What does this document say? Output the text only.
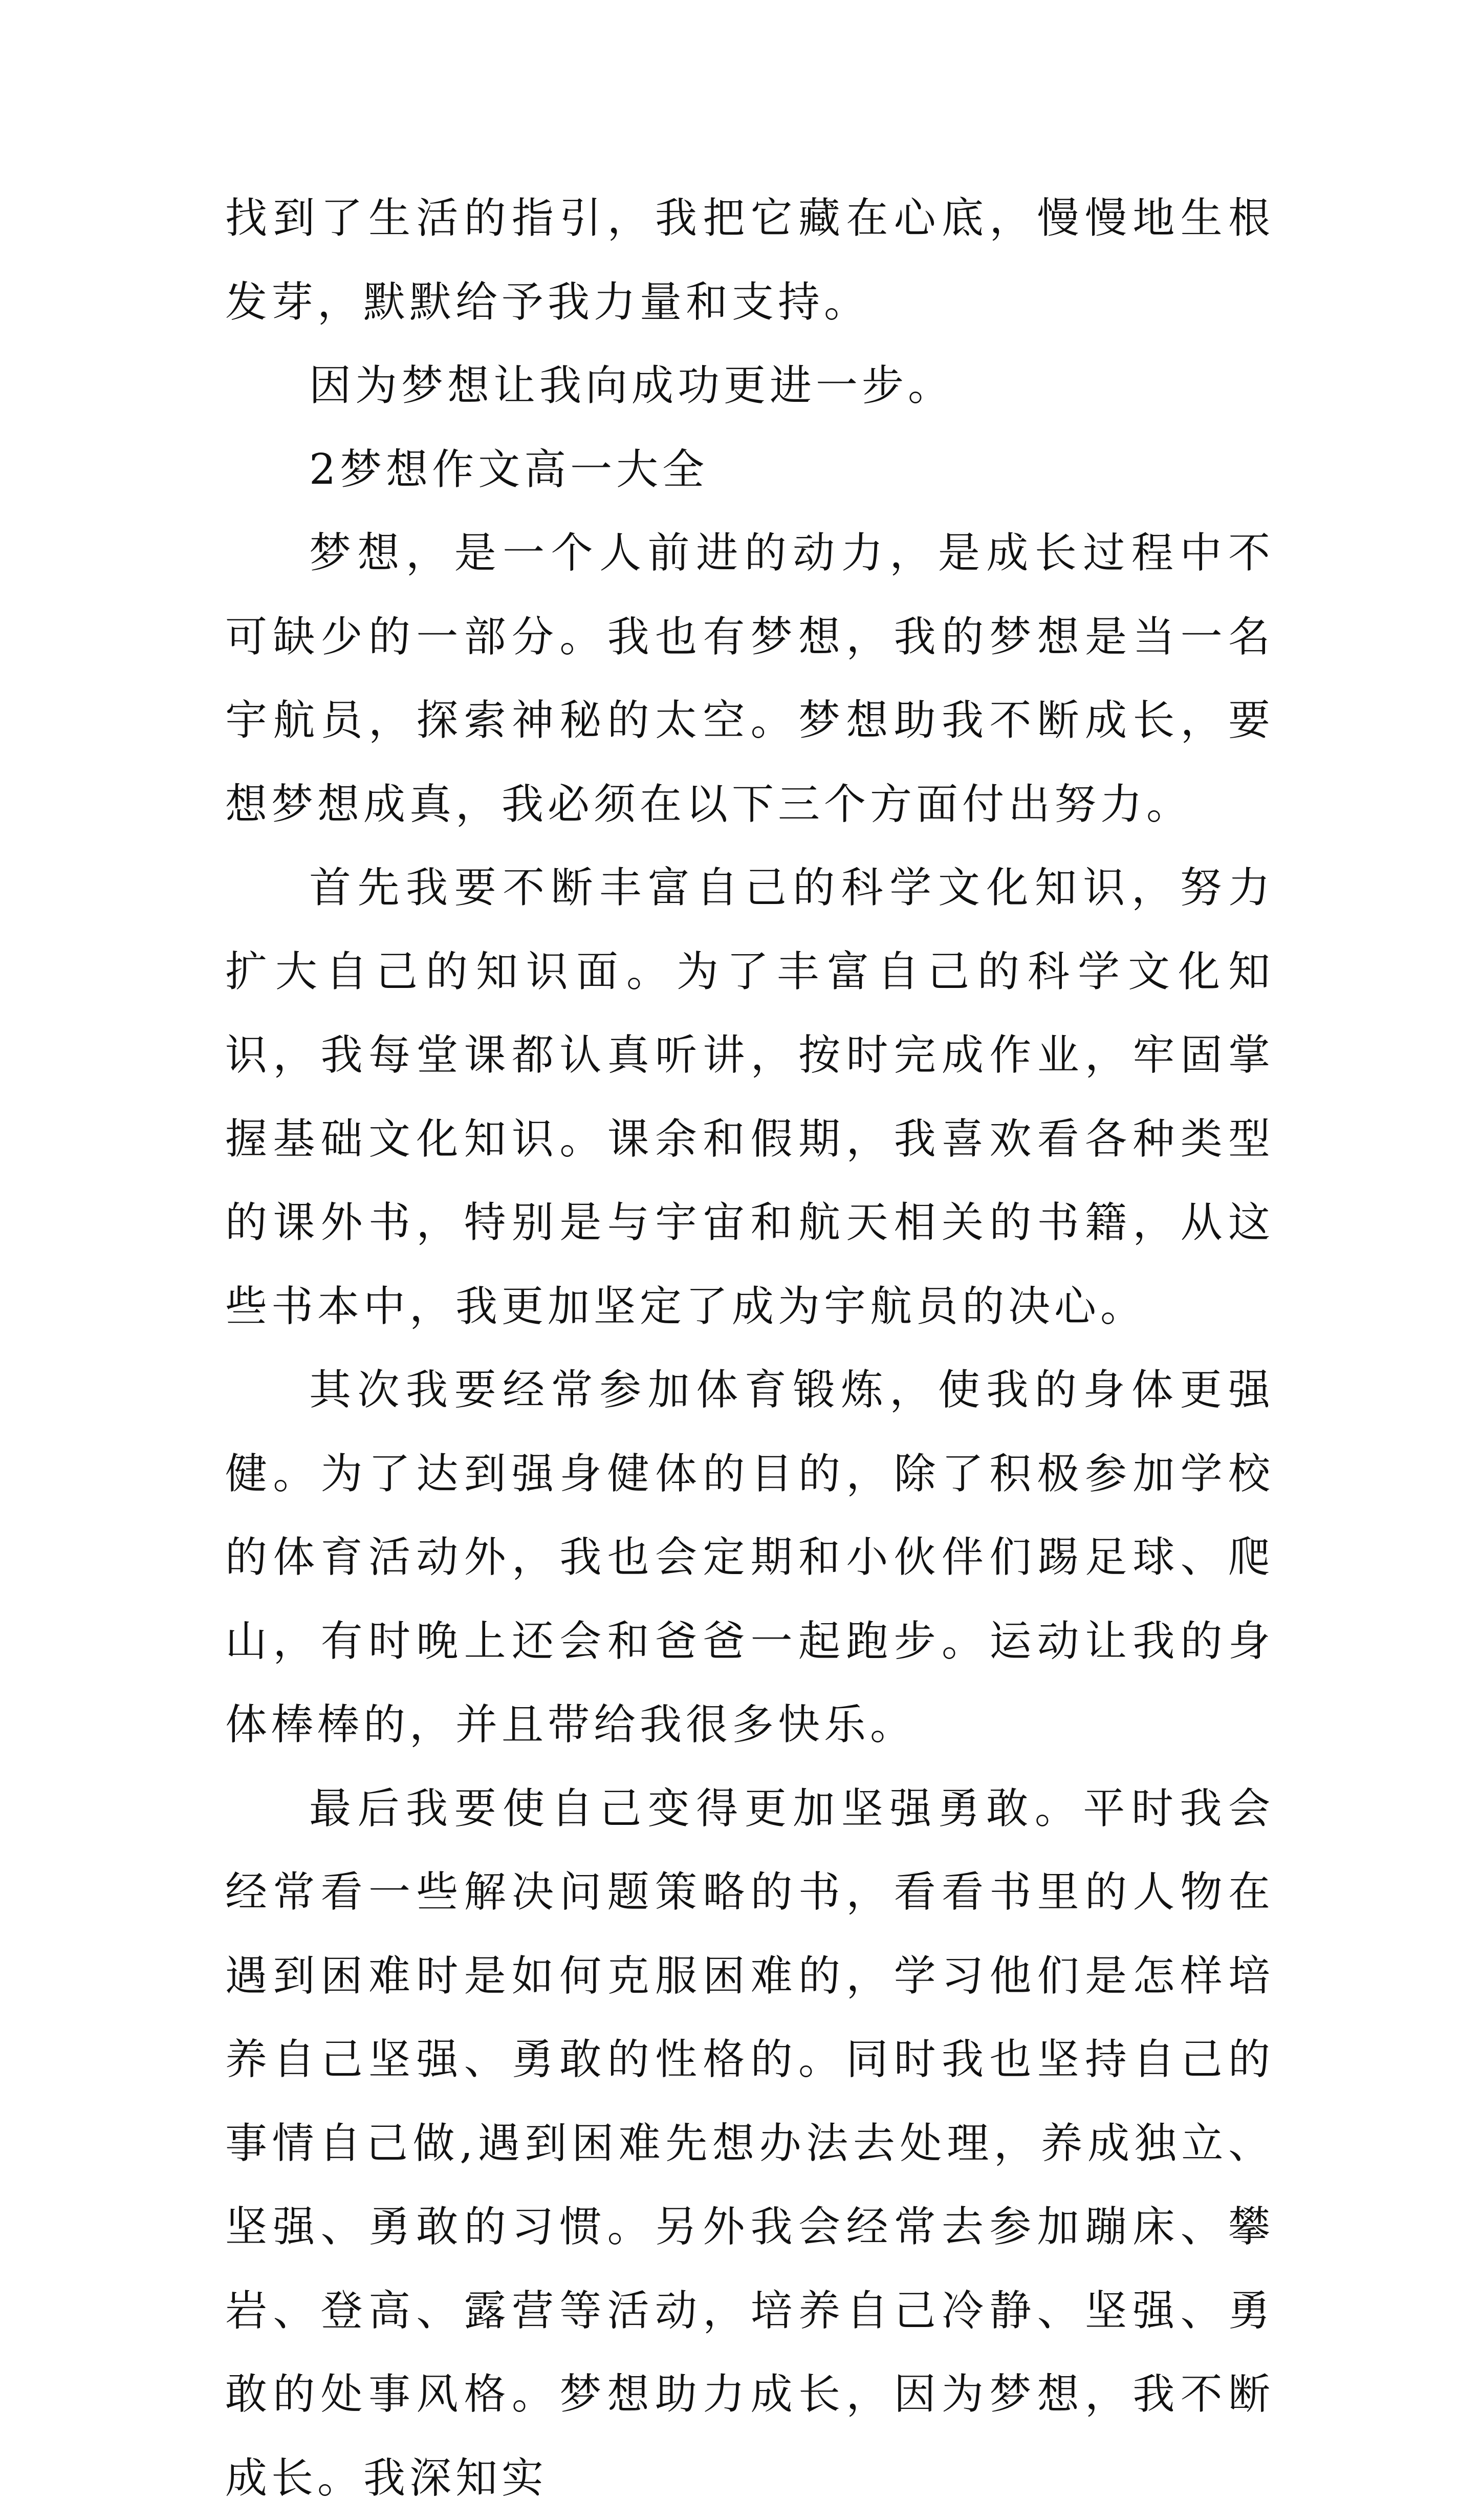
找到了生活的指引，我把它藏在心底，慢慢地生根发芽，默默给予我力量和支持。

因为梦想让我向成功更进一步。

2梦想作文高一大全

梦想，是一个人前进的动力，是成长过程中不可缺少的一部分。我也有梦想，我的梦想是当一名宇航员，探索神秘的太空。梦想助我不断成长，要想梦想成真，我必须在以下三个方面付出努力。

首先我要不断丰富自己的科学文化知识，努力扩大自己的知识面。为了丰富自己的科学文化知识，我每堂课都认真听讲，按时完成作业，牢固掌握基础文化知识。课余和假期，我喜欢看各种类型的课外书，特别是与宇宙和航天相关的书籍，从这些书本中，我更加坚定了成为宇航员的决心。

其次我要经常参加体育锻炼，使我的身体更强健。为了达到强身健体的目的，除了积极参加学校的体育活动外，我也会定期和小伙伴们踢足球、爬山，有时晚上还会和爸爸一起跑步。运动让我的身体棒棒的，并且带给我很多快乐。

最后我要使自己变得更加坚强勇敢。平时我会经常看一些解决问题策略的书，看看书里的人物在遇到困难时是如何克服困难的，学习他们是怎样培养自己坚强、勇敢的性格的。同时我也坚持自己的事情自己做,遇到困难先想办法去处理，养成独立、坚强、勇敢的习惯。另外我会经常去参加蹦床、攀岩、登高、露营等活动，培养自己冷静、坚强、勇敢的处事风格。梦想助力成长，因为梦想，我不断成长。我深知实
